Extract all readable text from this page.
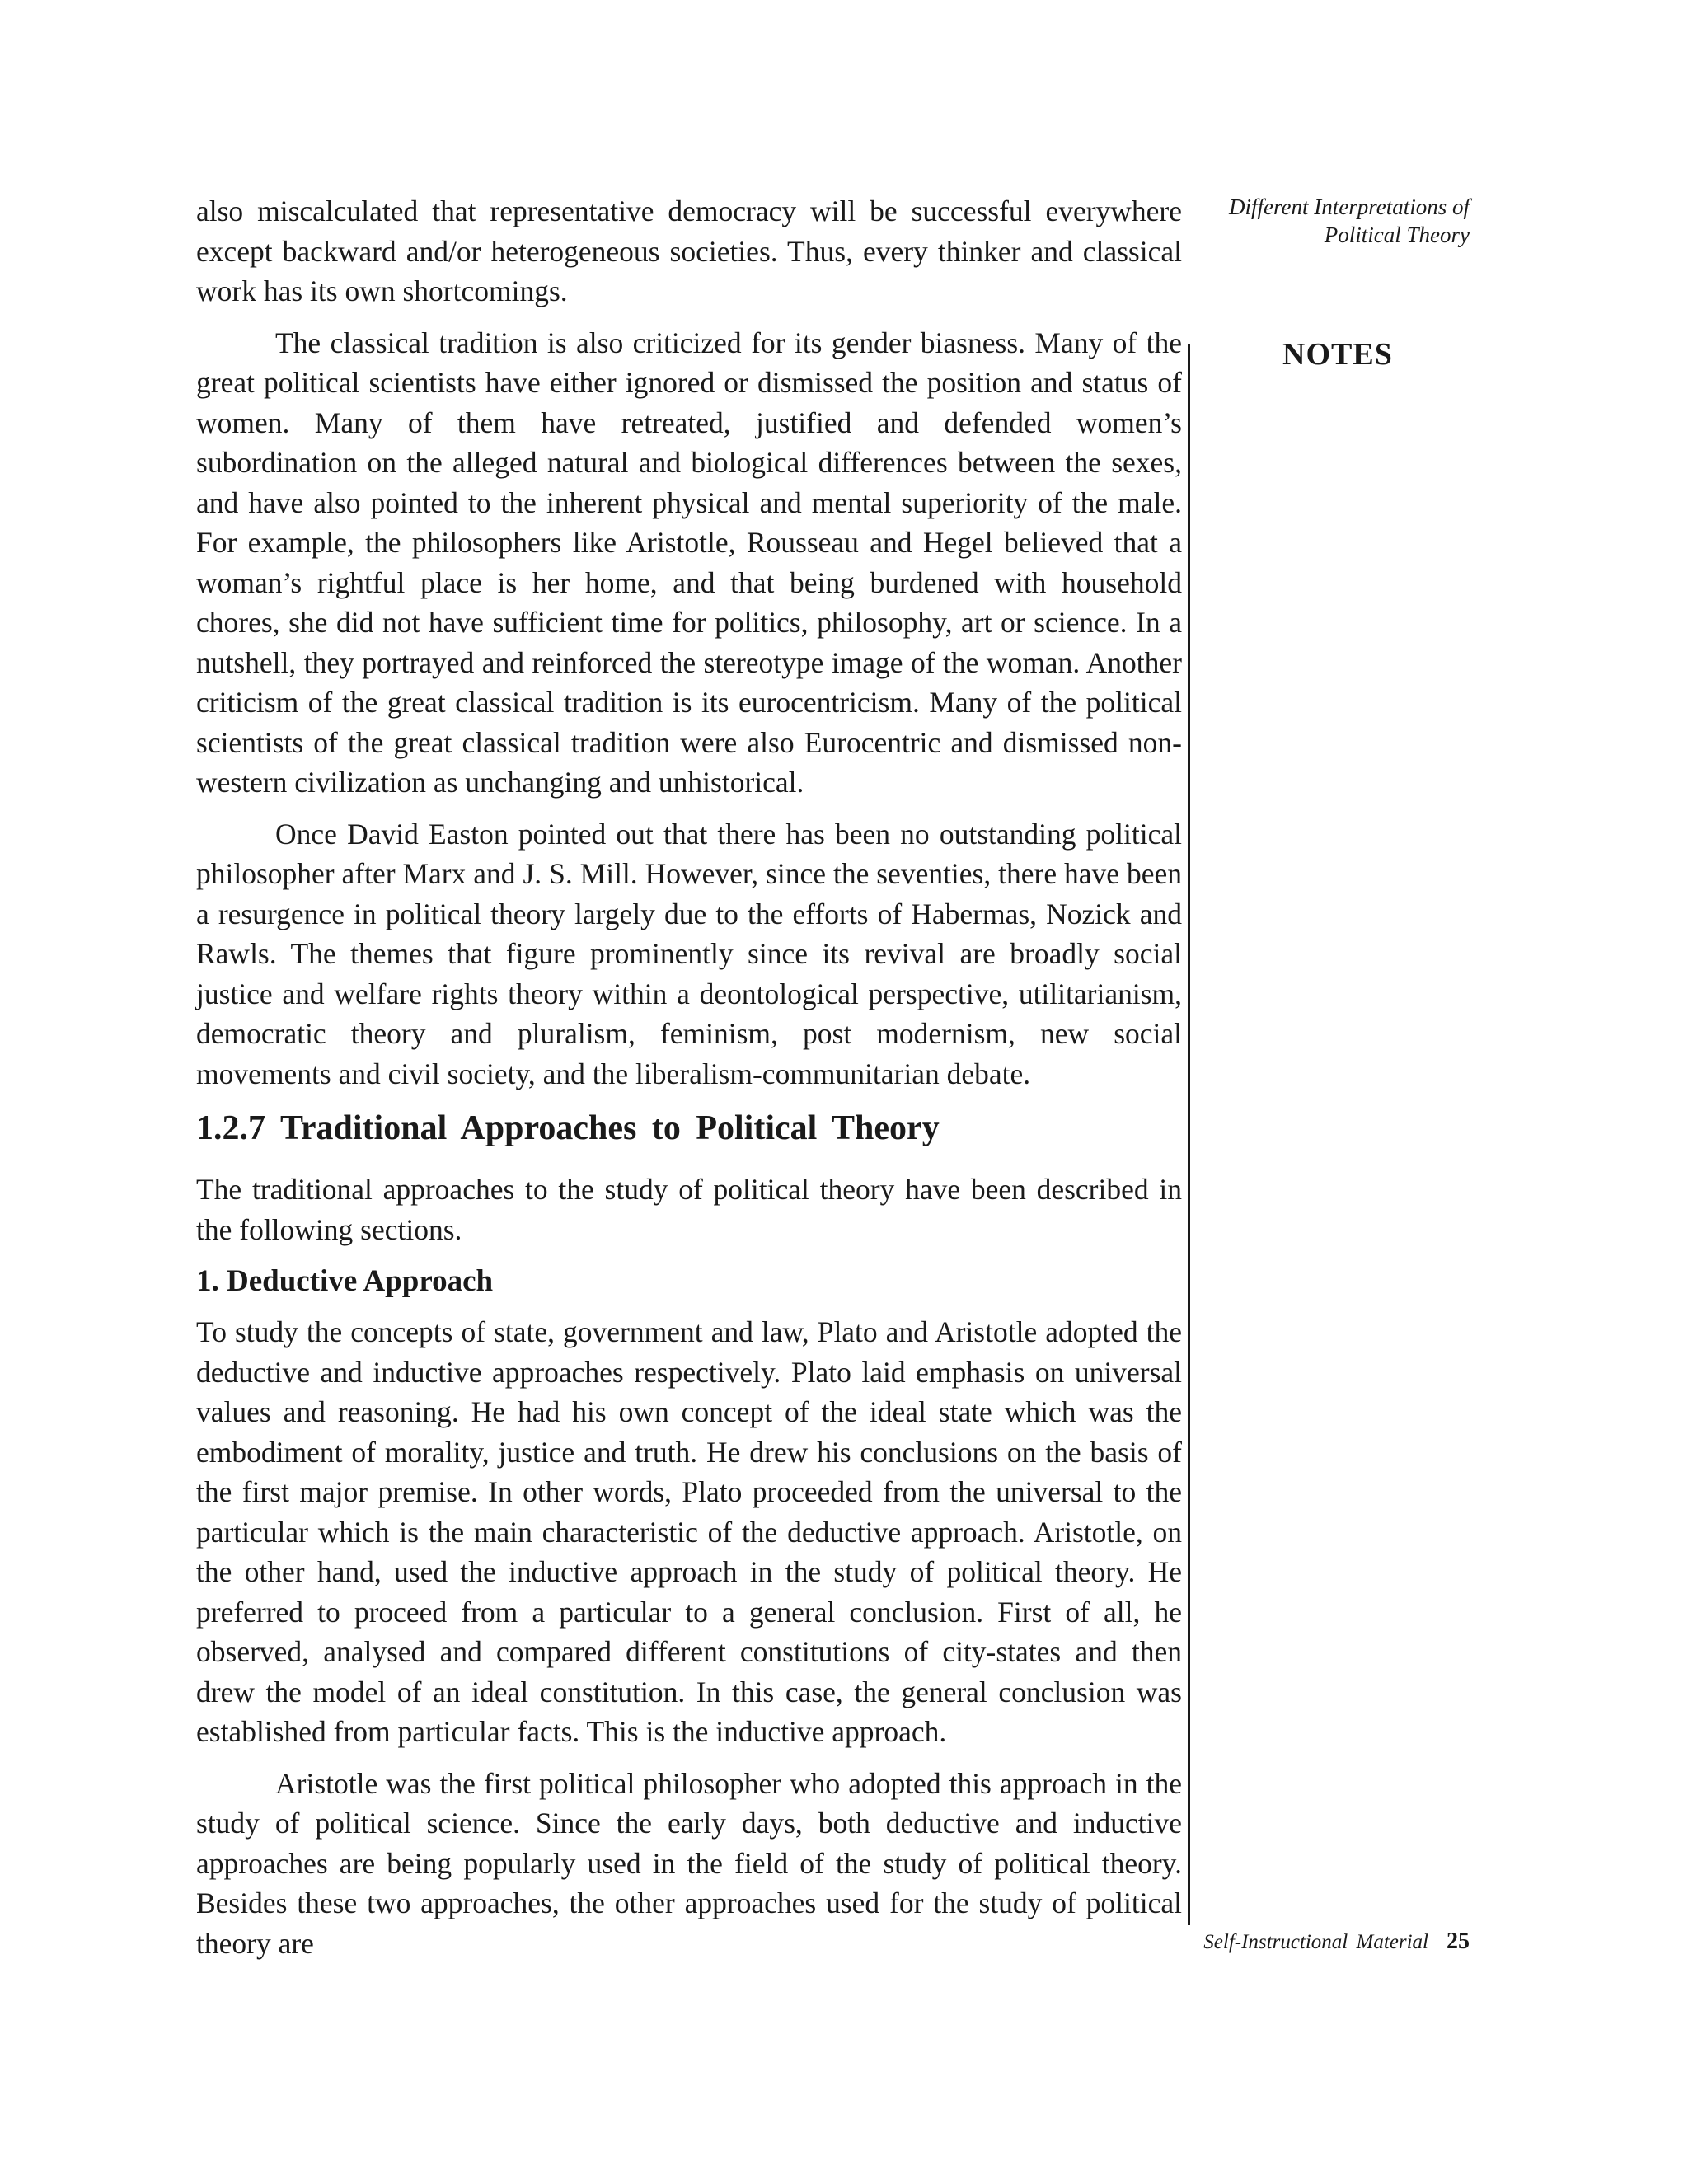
Different Interpretations of
Political Theory
NOTES

also miscalculated that representative democracy will be successful everywhere except backward and/or heterogeneous societies. Thus, every thinker and classical work has its own shortcomings.

The classical tradition is also criticized for its gender biasness. Many of the great political scientists have either ignored or dismissed the position and status of women. Many of them have retreated, justified and defended women’s subordination on the alleged natural and biological differences between the sexes, and have also pointed to the inherent physical and mental superiority of the male. For example, the philosophers like Aristotle, Rousseau and Hegel believed that a woman’s rightful place is her home, and that being burdened with household chores, she did not have sufficient time for politics, philosophy, art or science. In a nutshell, they portrayed and reinforced the stereotype image of the woman. Another criticism of the great classical tradition is its eurocentricism. Many of the political scientists of the great classical tradition were also Eurocentric and dismissed non-western civilization as unchanging and unhistorical.

Once David Easton pointed out that there has been no outstanding political philosopher after Marx and J. S. Mill. However, since the seventies, there have been a resurgence in political theory largely due to the efforts of Habermas, Nozick and Rawls. The themes that figure prominently since its revival are broadly social justice and welfare rights theory within a deontological perspective, utilitarianism, democratic theory and pluralism, feminism, post modernism, new social movements and civil society, and the liberalism-communitarian debate.

1.2.7 Traditional Approaches to Political Theory

The traditional approaches to the study of political theory have been described in the following sections.

1. Deductive Approach

To study the concepts of state, government and law, Plato and Aristotle adopted the deductive and inductive approaches respectively. Plato laid emphasis on universal values and reasoning. He had his own concept of the ideal state which was the embodiment of morality, justice and truth. He drew his conclusions on the basis of the first major premise. In other words, Plato proceeded from the universal to the particular which is the main characteristic of the deductive approach. Aristotle, on the other hand, used the inductive approach in the study of political theory. He preferred to proceed from a particular to a general conclusion. First of all, he observed, analysed and compared different constitutions of city-states and then drew the model of an ideal constitution. In this case, the general conclusion was established from particular facts. This is the inductive approach.

Aristotle was the first political philosopher who adopted this approach in the study of political science. Since the early days, both deductive and inductive approaches are being popularly used in the field of the study of political theory. Besides these two approaches, the other approaches used for the study of political theory are	Self-Instructional Material 25
